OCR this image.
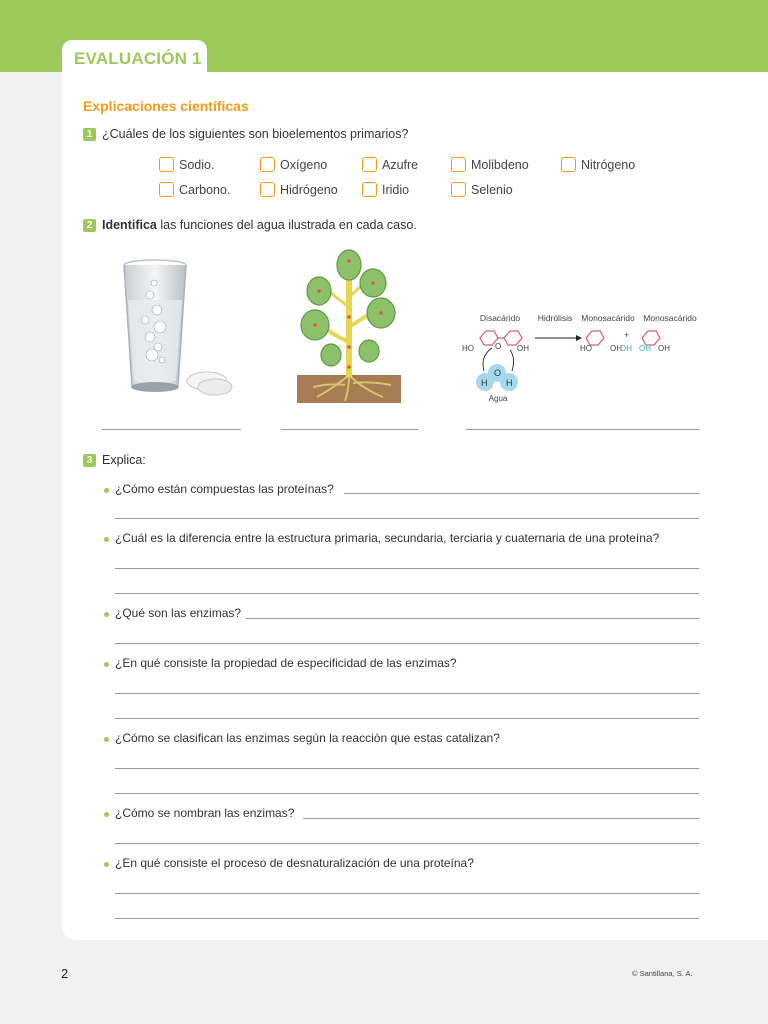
EVALUACIÓN 1
Explicaciones científicas
1 ¿Cuáles de los siguientes son bioelementos primarios?
Sodio.	Oxígeno	Azufre	Molibdeno	Nitrógeno
Carbono.	Hidrógeno	Iridio	Selenio
2 Identifica las funciones del agua ilustrada en cada caso.
Disacárido Hidrólisis Monosacárido Monosacárido
HO	O OH	HO OH
+
OH OH OH
O
H H
Agua
3 Explica:
¿Cómo están compuestas las proteínas?
¿Cuál es la diferencia entre la estructura primaria, secundaria, terciaria y cuaternaria de una proteína?
¿Qué son las enzimas?
¿En qué consiste la propiedad de especificidad de las enzimas?
¿Cómo se clasifican las enzimas según la reacción que estas catalizan?
¿Cómo se nombran las enzimas?
¿En qué consiste el proceso de desnaturalización de una proteína?
2	© Santillana, S. A.
